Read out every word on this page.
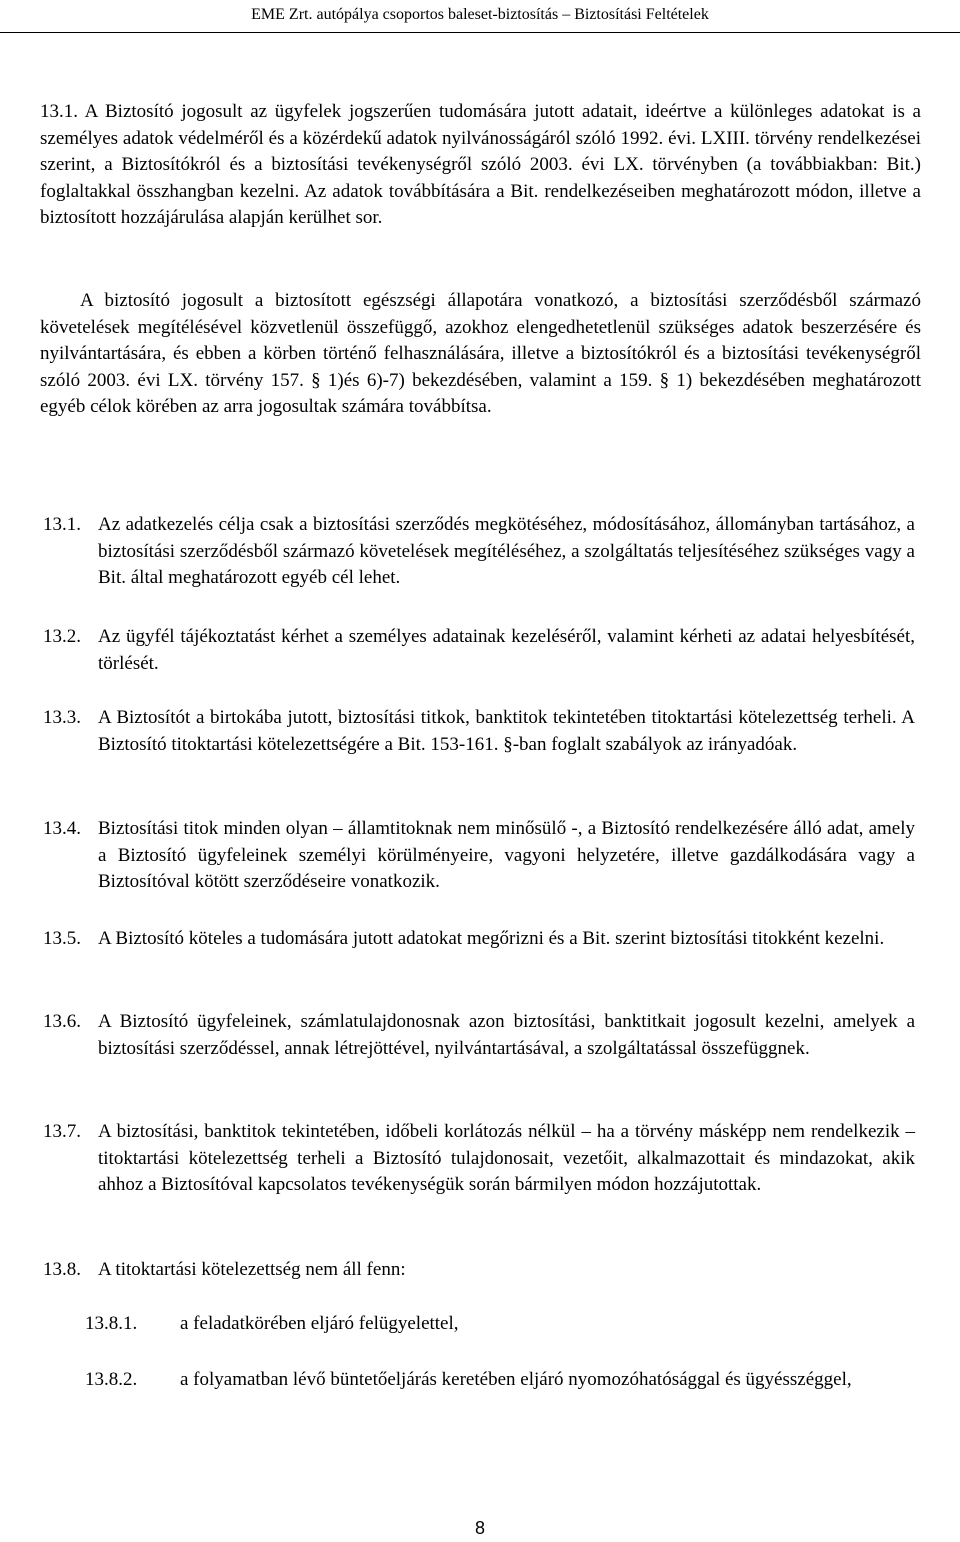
EME Zrt. autópálya csoportos baleset-biztosítás – Biztosítási Feltételek
13.1. A Biztosító jogosult az ügyfelek jogszerűen tudomására jutott adatait, ideértve a különleges adatokat is a személyes adatok védelméről és a közérdekű adatok nyilvánosságáról szóló 1992. évi. LXIII. törvény rendelkezései szerint, a Biztosítókról és a biztosítási tevékenységről szóló 2003. évi LX. törvényben (a továbbiakban: Bit.) foglaltakkal összhangban kezelni. Az adatok továbbítására a Bit. rendelkezéseiben meghatározott módon, illetve a biztosított hozzájárulása alapján kerülhet sor.
A biztosító jogosult a biztosított egészségi állapotára vonatkozó, a biztosítási szerződésből származó követelések megítélésével közvetlenül összefüggő, azokhoz elengedhetetlenül szükséges adatok beszerzésére és nyilvántartására, és ebben a körben történő felhasználására, illetve a biztosítókról és a biztosítási tevékenységről szóló 2003. évi LX. törvény 157. § 1)és 6)-7) bekezdésében, valamint a 159. § 1) bekezdésében meghatározott egyéb célok körében az arra jogosultak számára továbbítsa.
13.1. Az adatkezelés célja csak a biztosítási szerződés megkötéséhez, módosításához, állományban tartásához, a biztosítási szerződésből származó követelések megítéléséhez, a szolgáltatás teljesítéséhez szükséges vagy a Bit. által meghatározott egyéb cél lehet.
13.2. Az ügyfél tájékoztatást kérhet a személyes adatainak kezeléséről, valamint kérheti az adatai helyesbítését, törlését.
13.3. A Biztosítót a birtokába jutott, biztosítási titkok, banktitok tekintetében titoktartási kötelezettség terheli. A Biztosító titoktartási kötelezettségére a Bit. 153-161. §-ban foglalt szabályok az irányadóak.
13.4. Biztosítási titok minden olyan – államtitoknak nem minősülő -, a Biztosító rendelkezésére álló adat, amely a Biztosító ügyfeleinek személyi körülményeire, vagyoni helyzetére, illetve gazdálkodására vagy a Biztosítóval kötött szerződéseire vonatkozik.
13.5. A Biztosító köteles a tudomására jutott adatokat megőrizni és a Bit. szerint biztosítási titokként kezelni.
13.6. A Biztosító ügyfeleinek, számlatulajdonosnak azon biztosítási, banktitkait jogosult kezelni, amelyek a biztosítási szerződéssel, annak létrejöttével, nyilvántartásával, a szolgáltatással összefüggnek.
13.7. A biztosítási, banktitok tekintetében, időbeli korlátozás nélkül – ha a törvény másképp nem rendelkezik – titoktartási kötelezettség terheli a Biztosító tulajdonosait, vezetőit, alkalmazottait és mindazokat, akik ahhoz a Biztosítóval kapcsolatos tevékenységük során bármilyen módon hozzájutottak.
13.8. A titoktartási kötelezettség nem áll fenn:
13.8.1. a feladatkörében eljáró felügyelettel,
13.8.2. a folyamatban lévő büntetőeljárás keretében eljáró nyomozóhatósággal és ügyésszéggel,
8
